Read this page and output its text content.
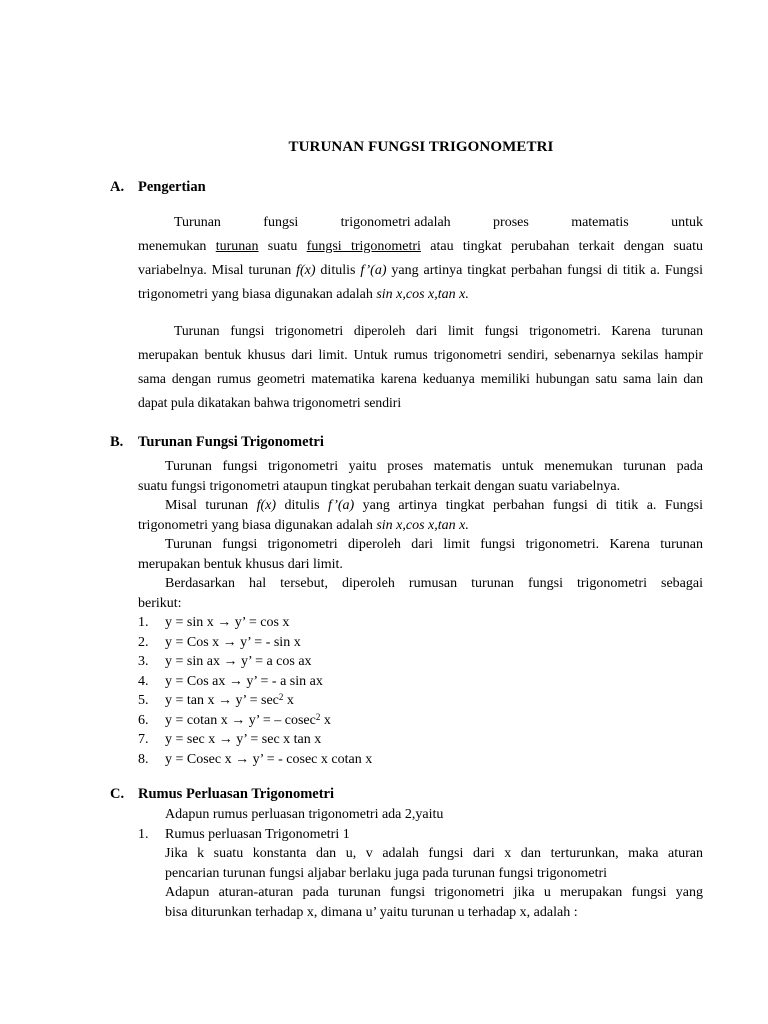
TURUNAN FUNGSI TRIGONOMETRI
A. Pengertian
Turunan	fungsi	trigonometri adalah	proses	matematis	untuk
menemukan turunan suatu fungsi trigonometri atau tingkat perubahan terkait dengan suatu
variabelnya. Misal turunan f(x) ditulis f’(a) yang artinya tingkat perbahan fungsi di titik a. Fungsi
trigonometri yang biasa digunakan adalah sin x,cos x,tan x.
Turunan fungsi trigonometri diperoleh dari limit fungsi trigonometri. Karena turunan
merupakan bentuk khusus dari limit. Untuk rumus trigonometri sendiri, sebenarnya sekilas hampir
sama dengan rumus geometri matematika karena keduanya memiliki hubungan satu sama lain dan
dapat pula dikatakan bahwa trigonometri sendiri
B. Turunan Fungsi Trigonometri
Turunan fungsi trigonometri yaitu proses matematis untuk menemukan turunan pada
suatu fungsi trigonometri ataupun tingkat perubahan terkait dengan suatu variabelnya.
Misal turunan f(x) ditulis f’(a) yang artinya tingkat perbahan fungsi di titik a. Fungsi
trigonometri yang biasa digunakan adalah sin x,cos x,tan x.
Turunan fungsi trigonometri diperoleh dari limit fungsi trigonometri. Karena turunan
merupakan bentuk khusus dari limit.
Berdasarkan hal tersebut, diperoleh rumusan turunan fungsi trigonometri sebagai
berikut:
1. y = sin x → y’ = cos x
2. y = Cos x → y’ = - sin x
3. y = sin ax → y’ = a cos ax
4. y = Cos ax → y’ = - a sin ax
5. y = tan x → y’ = $\sec^2 x$
6. y = cotan x → y’ = – cosec$^2$ x
7. y = sec x → y’ = sec x tan x
8. y = Cosec x → y’ = - cosec x cotan x
C. Rumus Perluasan Trigonometri
Adapun rumus perluasan trigonometri ada 2,yaitu
1. Rumus perluasan Trigonometri 1
Jika k suatu konstanta dan u, v adalah fungsi dari x dan terturunkan, maka aturan
pencarian turunan fungsi aljabar berlaku juga pada turunan fungsi trigonometri
Adapun aturan-aturan pada turunan fungsi trigonometri jika u merupakan fungsi yang
bisa diturunkan terhadap x, dimana u’ yaitu turunan u terhadap x, adalah :
